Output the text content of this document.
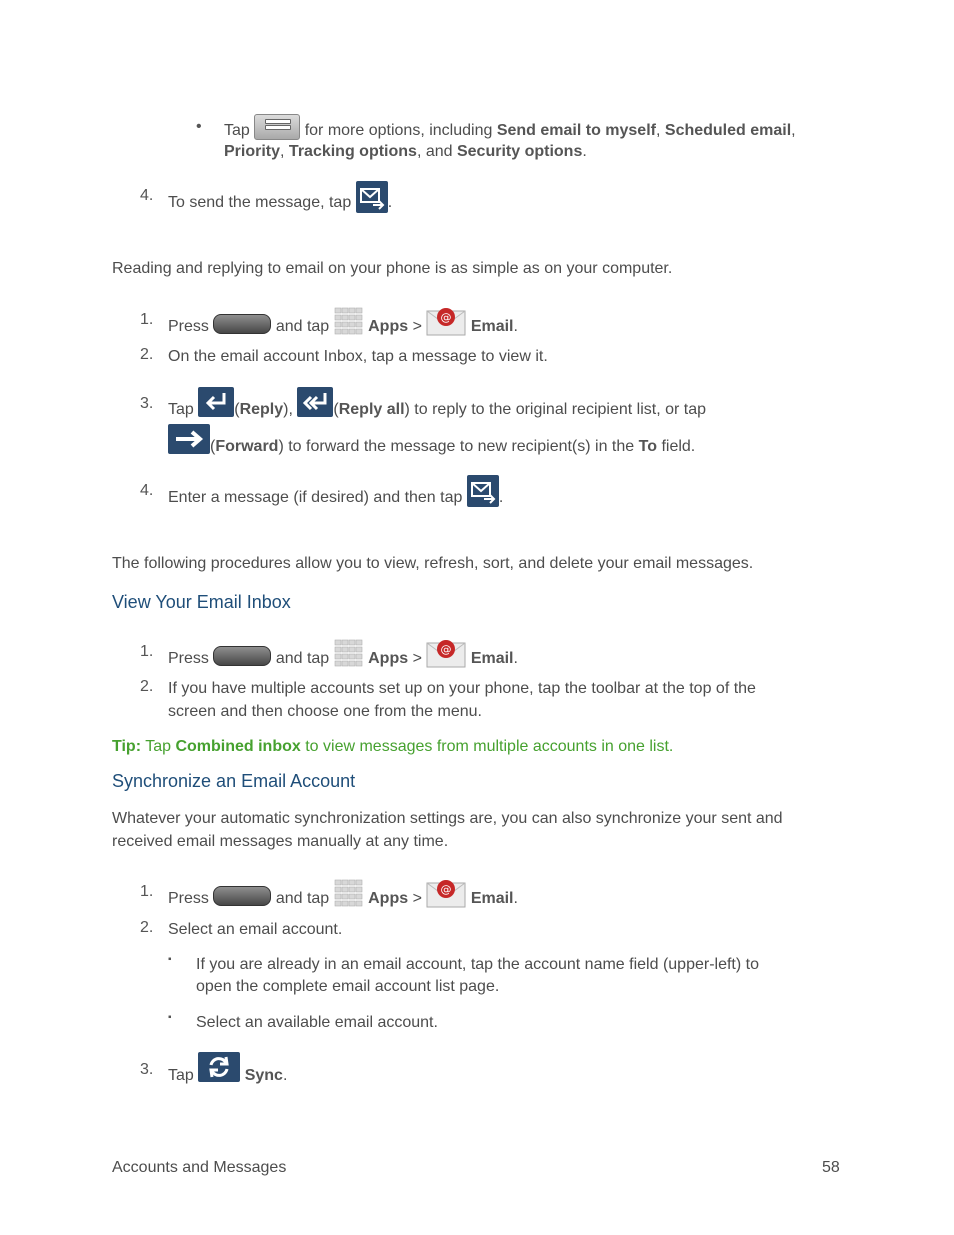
• Tap	for more options, including Send email to myself, Scheduled email,
Priority, Tracking options, and Security options.
4. To send the message, tap .
Reading and replying to email on your phone is as simple as on your computer.
1. Press	and tap Apps >
@
Email.
2. On the email account Inbox, tap a message to view it.
3. Tap	(Reply),	(Reply all) to reply to the original recipient list, or tap
(Forward) to forward the message to new recipient(s) in the To field.
4. Enter a message (if desired) and then tap .
The following procedures allow you to view, refresh, sort, and delete your email messages.
View Your Email Inbox
1. Press	and tap Apps >
@
Email.
2. If you have multiple accounts set up on your phone, tap the toolbar at the top of the
screen and then choose one from the menu.
Tip: Tap Combined inbox to view messages from multiple accounts in one list.
Synchronize an Email Account
Whatever your automatic synchronization settings are, you can also synchronize your sent and
received email messages manually at any time.
1. Press	and tap Apps >
@
Email.
2. Select an email account.
▪ If you are already in an email account, tap the account name field (upper-left) to
open the complete email account list page.
▪ Select an available email account.
3. Tap	Sync.
Accounts and Messages	58
